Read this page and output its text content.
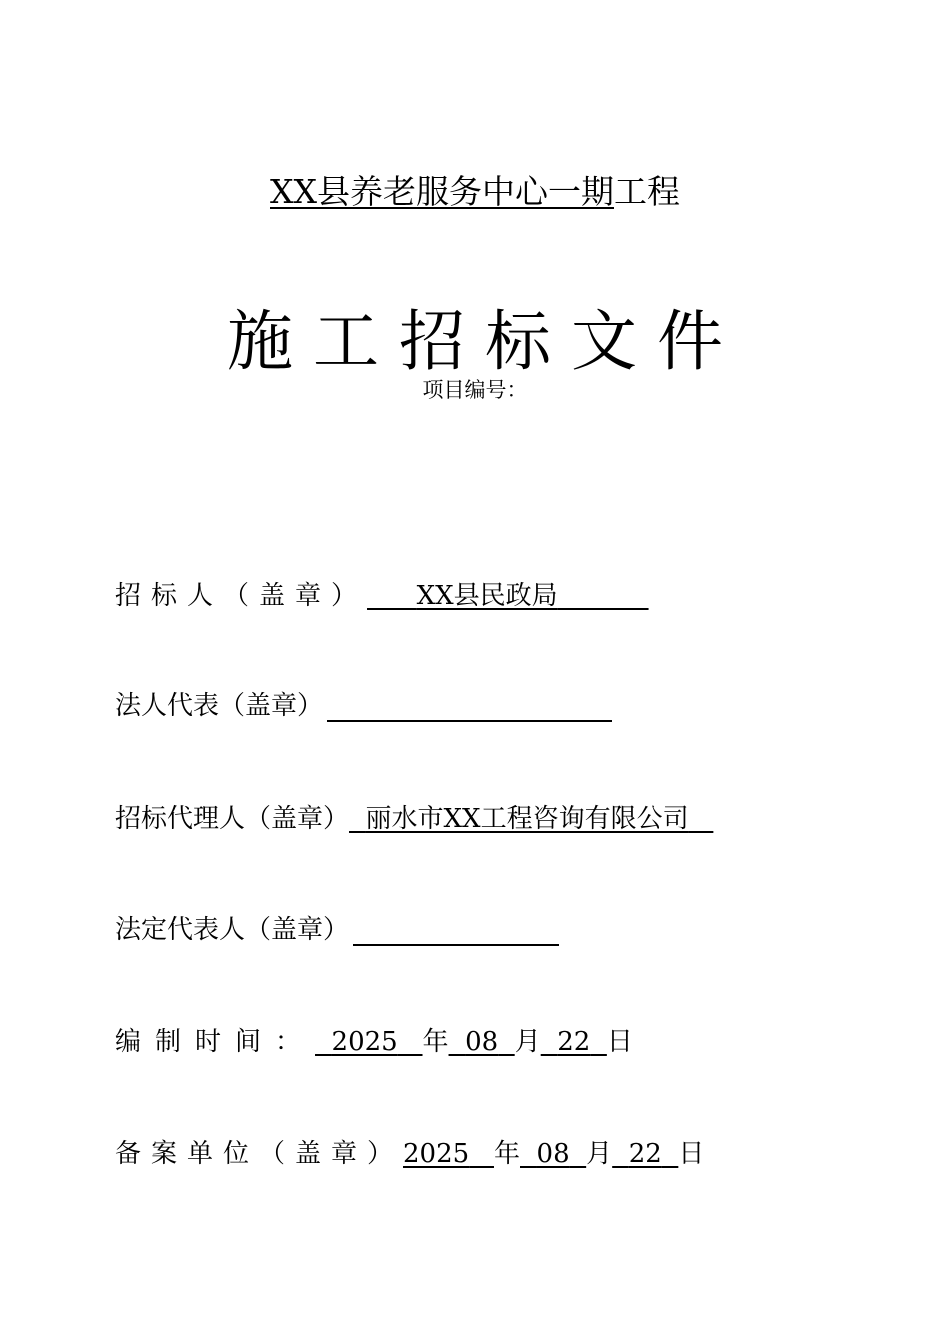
XX县养老服务中心一期工程
施工招标文件
项目编号：
招标人（盖章） XX县民政局
法人代表（盖章）
招标代理人（盖章） 丽水市XX工程咨询有限公司
法定代表人（盖章）
编制时间： 2025 年 08 月 22 日
备案单位（盖章）2025 年 08 月 22 日
